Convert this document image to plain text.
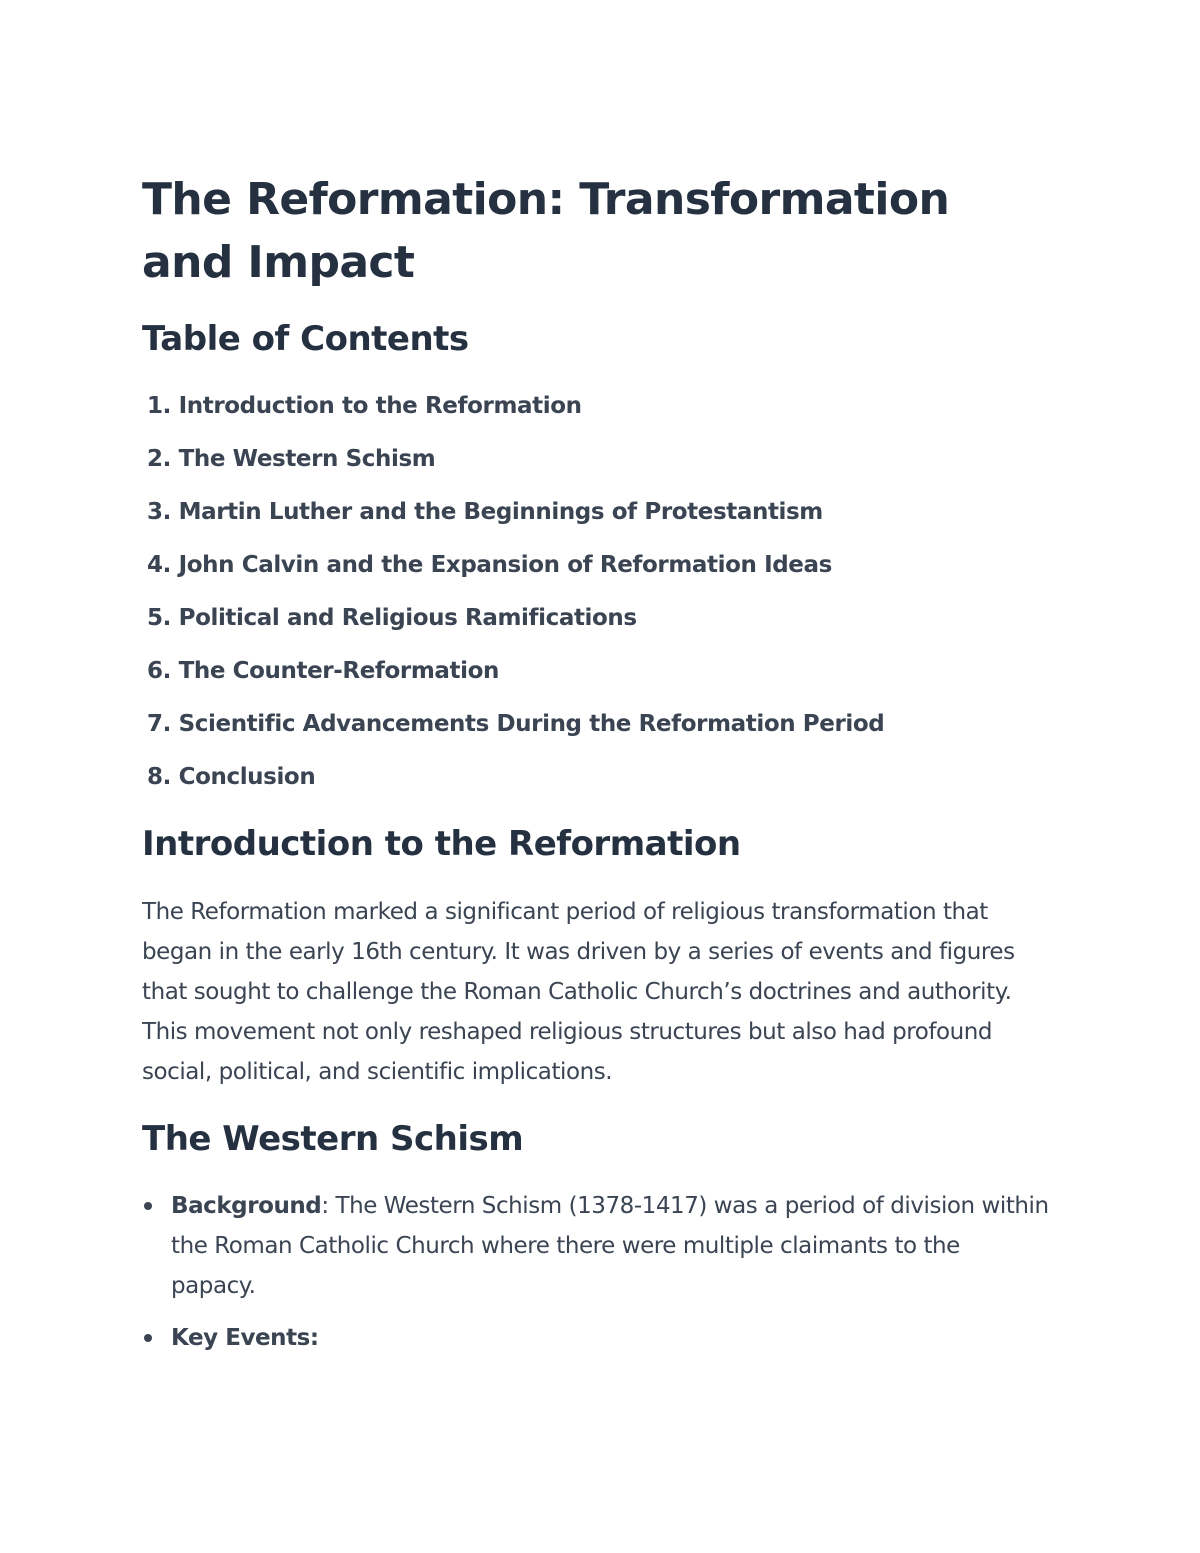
The Reformation: Transformation and Impact
Table of Contents
1. Introduction to the Reformation
2. The Western Schism
3. Martin Luther and the Beginnings of Protestantism
4. John Calvin and the Expansion of Reformation Ideas
5. Political and Religious Ramifications
6. The Counter-Reformation
7. Scientific Advancements During the Reformation Period
8. Conclusion
Introduction to the Reformation

The Reformation marked a significant period of religious transformation that began in the early 16th century. It was driven by a series of events and figures that sought to challenge the Roman Catholic Church’s doctrines and authority. This movement not only reshaped religious structures but also had profound social, political, and scientific implications.

The Western Schism
Background: The Western Schism (1378-1417) was a period of division within the Roman Catholic Church where there were multiple claimants to the papacy.
Key Events:
